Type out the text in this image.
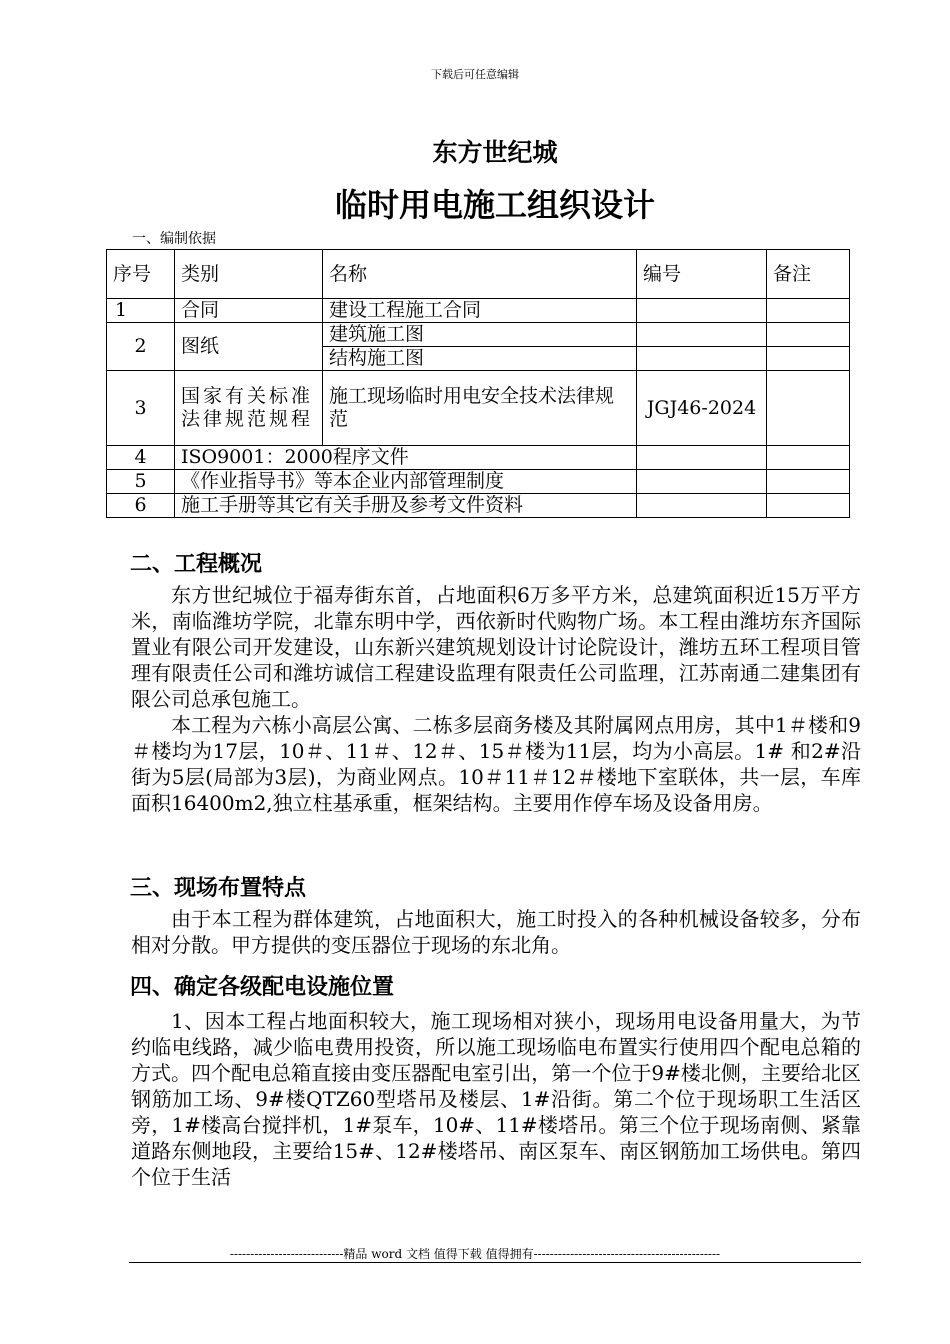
下载后可任意编辑
东方世纪城
临时用电施工组织设计
一、编制依据
序号	类别	名称	编号	备注
1	合同	建设工程施工合同		
2	图纸	建筑施工图		
		结构施工图		
3	国家有关标准法律规范规程	施工现场临时用电安全技术法律规范	JGJ46-2024	
4	ISO9001：2000程序文件			
5	《作业指导书》等本企业内部管理制度			
6	施工手册等其它有关手册及参考文件资料			
二、工程概况

东方世纪城位于福寿街东首，占地面积6万多平方米，总建筑面积近15万平方米，南临潍坊学院，北靠东明中学，西依新时代购物广场。本工程由潍坊东齐国际置业有限公司开发建设，山东新兴建筑规划设计讨论院设计，潍坊五环工程项目管理有限责任公司和潍坊诚信工程建设监理有限责任公司监理，江苏南通二建集团有限公司总承包施工。

本工程为六栋小高层公寓、二栋多层商务楼及其附属网点用房，其中1＃楼和9＃楼均为17层，10＃、11＃、12＃、15＃楼为11层，均为小高层。1# 和2#沿街为5层(局部为3层)，为商业网点。10＃11＃12＃楼地下室联体，共一层，车库面积16400m2,独立柱基承重，框架结构。主要用作停车场及设备用房。

三、现场布置特点

由于本工程为群体建筑，占地面积大，施工时投入的各种机械设备较多，分布相对分散。甲方提供的变压器位于现场的东北角。

四、确定各级配电设施位置

1、因本工程占地面积较大，施工现场相对狭小，现场用电设备用量大，为节约临电线路，减少临电费用投资，所以施工现场临电布置实行使用四个配电总箱的方式。四个配电总箱直接由变压器配电室引出，第一个位于9#楼北侧，主要给北区钢筋加工场、9#楼QTZ60型塔吊及楼层、1#沿街。第二个位于现场职工生活区旁，1#楼高台搅拌机，1#泵车，10#、11#楼塔吊。第三个位于现场南侧、紧靠道路东侧地段，主要给15#、12#楼塔吊、南区泵车、南区钢筋加工场供电。第四个位于生活

----------------------------精品 word 文档 值得下载 值得拥有----------------------------------------------
